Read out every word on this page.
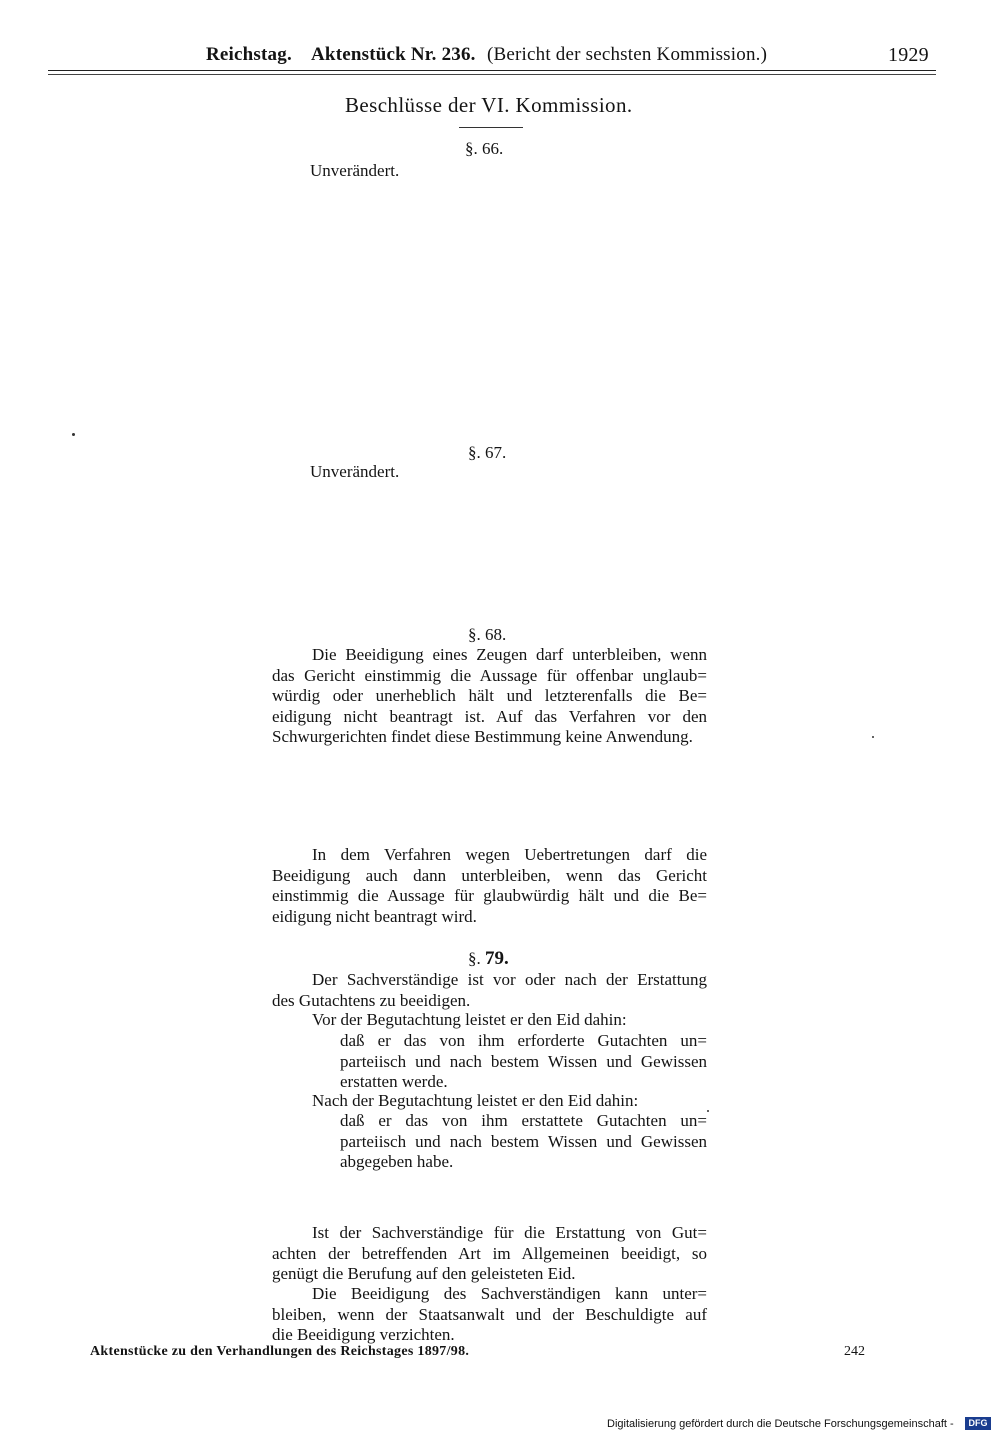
Reichstag. Aktenstück Nr. 236. (Bericht der sechsten Kommission.)	1929
Beschlüsse der VI. Kommission.
§. 66.
Unverändert.
§. 67.
Unverändert.
§. 68.
Die Beeidigung eines Zeugen darf unterbleiben, wenn
das Gericht einstimmig die Aussage für offenbar unglaub=
würdig oder unerheblich hält und letzterenfalls die Be=
eidigung nicht beantragt ist. Auf das Verfahren vor den
Schwurgerichten findet diese Bestimmung keine Anwendung.
In dem Verfahren wegen Uebertretungen darf die
Beeidigung auch dann unterbleiben, wenn das Gericht
einstimmig die Aussage für glaubwürdig hält und die Be=
eidigung nicht beantragt wird.
§. 79.
Der Sachverständige ist vor oder nach der Erstattung
des Gutachtens zu beeidigen.
Vor der Begutachtung leistet er den Eid dahin:
daß er das von ihm erforderte Gutachten un=
parteiisch und nach bestem Wissen und Gewissen
erstatten werde.
Nach der Begutachtung leistet er den Eid dahin:
daß er das von ihm erstattete Gutachten un=
parteiisch und nach bestem Wissen und Gewissen
abgegeben habe.
Ist der Sachverständige für die Erstattung von Gut=
achten der betreffenden Art im Allgemeinen beeidigt, so
genügt die Berufung auf den geleisteten Eid.
Die Beeidigung des Sachverständigen kann unter=
bleiben, wenn der Staatsanwalt und der Beschuldigte auf
die Beeidigung verzichten.
Aktenstücke zu den Verhandlungen des Reichstages 1897/98.	242
Digitalisierung gefördert durch die Deutsche Forschungsgemeinschaft -	DFG
